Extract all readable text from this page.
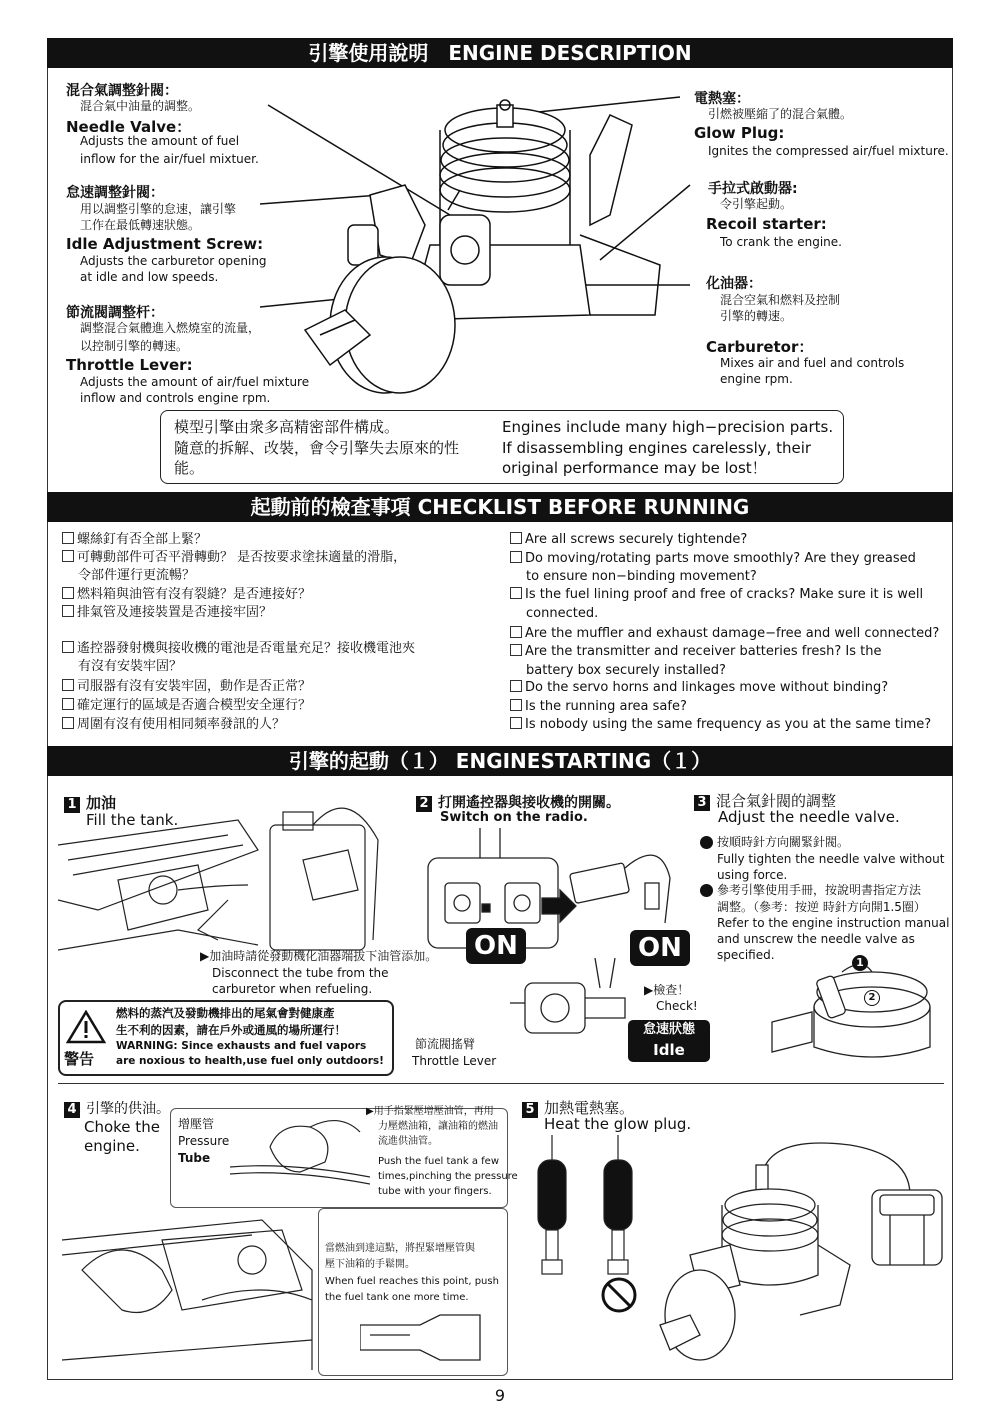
引擎使用說明　ENGINE DESCRIPTION
混合氣調整針閥：
混合氣中油量的調整。
Needle Valve：
Adjusts the amount of fuel
inflow for the air/fuel mixtuer.
怠速調整針閥：
用以調整引擎的怠速，讓引擎
工作在最低轉速狀態。
Idle Adjustment Screw:
Adjusts the carburetor opening
at idle and low speeds.
節流閥調整杆：
調整混合氣體進入燃燒室的流量，
以控制引擎的轉速。
Throttle Lever:
Adjusts the amount of air/fuel mixture
inflow and controls engine rpm.
電熱塞：
引燃被壓縮了的混合氣體。
Glow Plug:
Ignites the compressed air/fuel mixture.
手拉式啟動器:
令引擎起動。
Recoil starter:
To crank the engine.
化油器：
混合空氣和燃料及控制
引擎的轉速。
Carburetor：
Mixes air and fuel and controls
engine rpm.
模型引擎由衆多高精密部件構成。
隨意的拆解、改裝，會令引擎失去原來的性
能。
Engines include many high−precision parts.
If disassembling engines carelessly, their
original performance may be lost！
起動前的檢查事項 CHECKLIST BEFORE RUNNING
螺絲釘有否全部上緊？
可轉動部件可否平滑轉動？ 是否按要求塗抹適量的滑脂，
令部件運行更流暢？
燃料箱與油管有沒有裂縫？是否連接好？
排氣管及連接裝置是否連接牢固？
遙控器發射機與接收機的電池是否電量充足？接收機電池夾
有沒有安裝牢固？
司服器有沒有安裝牢固，動作是否正常？
確定運行的區域是否適合模型安全運行？
周圍有沒有使用相同頻率發訊的人？
Are all screws securely tightende?
Do moving/rotating parts move smoothly? Are they greased
to ensure non−binding movement?
Is the fuel lining proof and free of cracks? Make sure it is well
connected.
Are the muffler and exhaust damage−free and well connected?
Are the transmitter and receiver batteries fresh? Is the
battery box securely installed?
Do the servo horns and linkages move without binding?
Is the running area safe?
Is nobody using the same frequency as you at the same time?
引擎的起動（１） ENGINESTARTING（１）
1 加油
Fill the tank.
▶加油時請從發動機化油器端拔下油管添加。
Disconnect the tube from the
carburetor when refueling.
警告
燃料的蒸汽及發動機排出的尾氣會對健康產
生不利的因素，請在戶外或通風的場所運行！
WARNING: Since exhausts and fuel vapors
are noxious to health,use fuel only outdoors!
2 打開遙控器與接收機的開關。
Switch on the radio.
ON	ON
▶檢查！
Check!
節流閥搖臂
Throttle Lever
怠速狀態
Idle
3 混合氣針閥的調整
Adjust the needle valve.
按順時針方向關緊針閥。
Fully tighten the needle valve without
using force.
參考引擎使用手冊，按說明書指定方法
調整。（參考：按逆 時針方向開1.5圈）
Refer to the engine instruction manual
and unscrew the needle valve as
specified.
1
2
4 引擎的供油。
Choke the
engine.
增壓管
Pressure
Tube
▶用手指緊壓增壓油管，再用
力壓燃油箱，讓油箱的燃油
流進供油管。
Push the fuel tank a few
times,pinching the pressure
tube with your fingers.
當燃油到達這點，將捏緊增壓管與
壓下油箱的手鬆開。
When fuel reaches this point, push
the fuel tank one more time.
5 加熱電熱塞。
Heat the glow plug.
9
